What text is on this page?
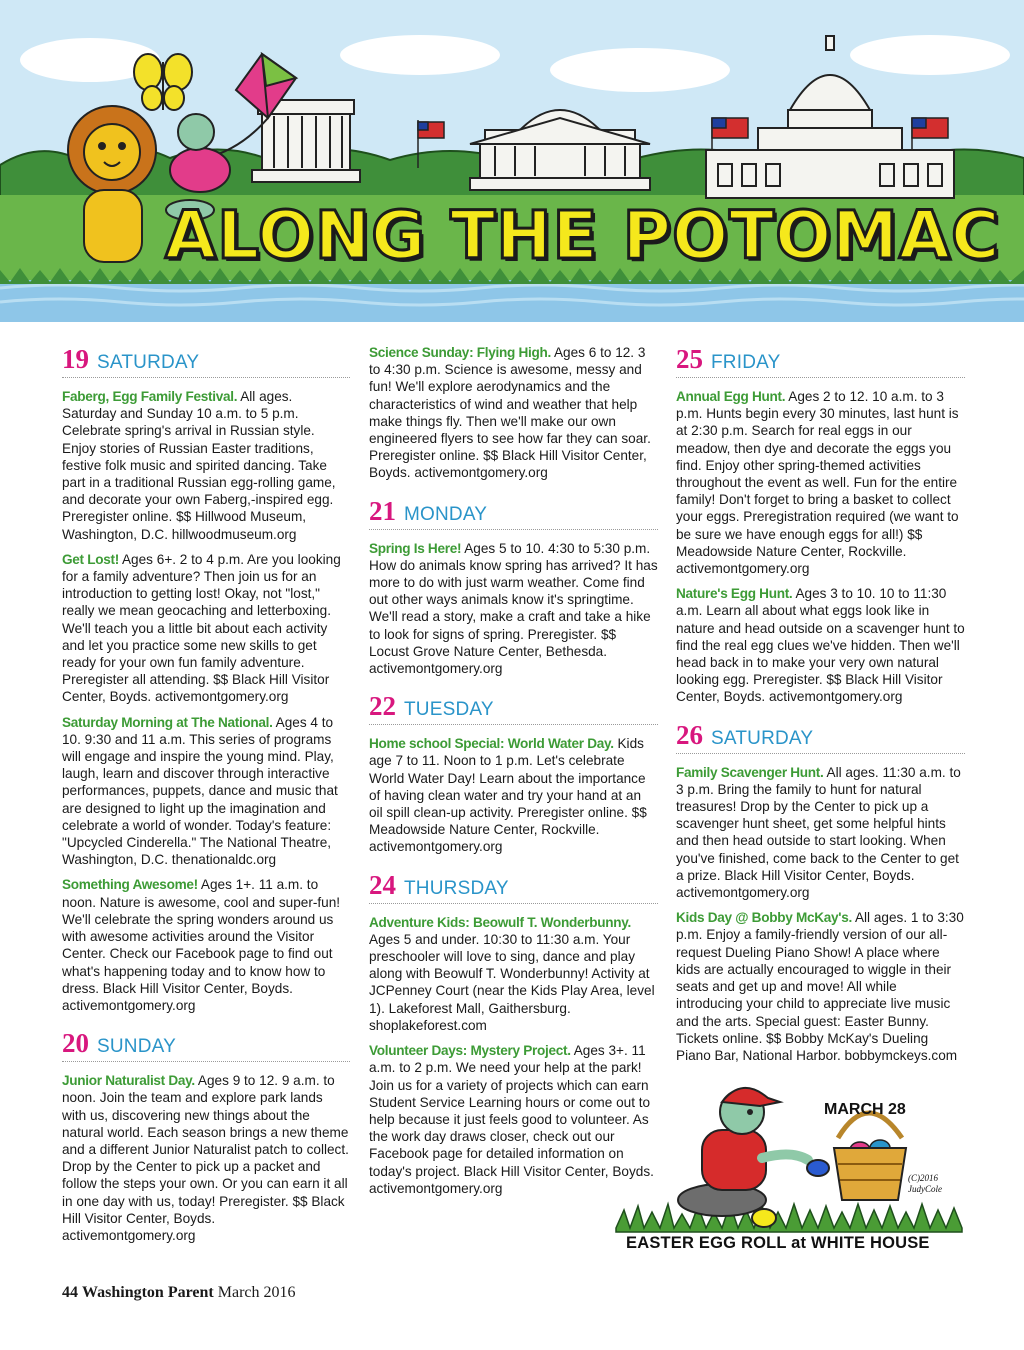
ALONG THE POTOMAC
19 SATURDAY

Faberg, Egg Family Festival. All ages. Saturday and Sunday 10 a.m. to 5 p.m. Celebrate spring's arrival in Russian style. Enjoy stories of Russian Easter traditions, festive folk music and spirited dancing. Take part in a traditional Russian egg-rolling game, and decorate your own Faberg,-inspired egg. Preregister online. $$ Hillwood Museum, Washington, D.C. hillwoodmuseum.org

Get Lost! Ages 6+. 2 to 4 p.m. Are you looking for a family adventure? Then join us for an introduction to getting lost! Okay, not "lost," really we mean geocaching and letterboxing. We'll teach you a little bit about each activity and let you practice some new skills to get ready for your own fun family adventure. Preregister all attending. $$ Black Hill Visitor Center, Boyds. activemontgomery.org

Saturday Morning at The National. Ages 4 to 10. 9:30 and 11 a.m. This series of programs will engage and inspire the young mind. Play, laugh, learn and discover through interactive performances, puppets, dance and music that are designed to light up the imagination and celebrate a world of wonder. Today's feature: "Upcycled Cinderella." The National Theatre, Washington, D.C. thenationaldc.org

Something Awesome! Ages 1+. 11 a.m. to noon. Nature is awesome, cool and super-fun! We'll celebrate the spring wonders around us with awesome activities around the Visitor Center. Check our Facebook page to find out what's happening today and to know how to dress. Black Hill Visitor Center, Boyds. activemontgomery.org

20 SUNDAY

Junior Naturalist Day. Ages 9 to 12. 9 a.m. to noon. Join the team and explore park lands with us, discovering new things about the natural world. Each season brings a new theme and a different Junior Naturalist patch to collect. Drop by the Center to pick up a packet and follow the steps your own. Or you can earn it all in one day with us, today! Preregister. $$ Black Hill Visitor Center, Boyds. activemontgomery.org

Science Sunday: Flying High. Ages 6 to 12. 3 to 4:30 p.m. Science is awesome, messy and fun! We'll explore aerodynamics and the characteristics of wind and weather that help make things fly. Then we'll make our own engineered flyers to see how far they can soar. Preregister online. $$ Black Hill Visitor Center, Boyds. activemontgomery.org

21 MONDAY

Spring Is Here! Ages 5 to 10. 4:30 to 5:30 p.m. How do animals know spring has arrived? It has more to do with just warm weather. Come find out other ways animals know it's springtime. We'll read a story, make a craft and take a hike to look for signs of spring. Preregister. $$ Locust Grove Nature Center, Bethesda. activemontgomery.org

22 TUESDAY

Home school Special: World Water Day. Kids age 7 to 11. Noon to 1 p.m. Let's celebrate World Water Day! Learn about the importance of having clean water and try your hand at an oil spill clean-up activity. Preregister online. $$ Meadowside Nature Center, Rockville. activemontgomery.org

24 THURSDAY

Adventure Kids: Beowulf T. Wonderbunny. Ages 5 and under. 10:30 to 11:30 a.m. Your preschooler will love to sing, dance and play along with Beowulf T. Wonderbunny! Activity at JCPenney Court (near the Kids Play Area, level 1). Lakeforest Mall, Gaithersburg. shoplakeforest.com

Volunteer Days: Mystery Project. Ages 3+. 11 a.m. to 2 p.m. We need your help at the park! Join us for a variety of projects which can earn Student Service Learning hours or come out to help because it just feels good to volunteer. As the work day draws closer, check out our Facebook page for detailed information on today's project. Black Hill Visitor Center, Boyds. activemontgomery.org

25 FRIDAY

Annual Egg Hunt. Ages 2 to 12. 10 a.m. to 3 p.m. Hunts begin every 30 minutes, last hunt is at 2:30 p.m. Search for real eggs in our meadow, then dye and decorate the eggs you find. Enjoy other spring-themed activities throughout the event as well. Fun for the entire family! Don't forget to bring a basket to collect your eggs. Preregistration required (we want to be sure we have enough eggs for all!) $$ Meadowside Nature Center, Rockville. activemontgomery.org

Nature's Egg Hunt. Ages 3 to 10. 10 to 11:30 a.m. Learn all about what eggs look like in nature and head outside on a scavenger hunt to find the real egg clues we've hidden. Then we'll head back in to make your very own natural looking egg. Preregister. $$ Black Hill Visitor Center, Boyds. activemontgomery.org

26 SATURDAY

Family Scavenger Hunt. All ages. 11:30 a.m. to 3 p.m. Bring the family to hunt for natural treasures! Drop by the Center to pick up a scavenger hunt sheet, get some helpful hints and then head outside to start looking. When you've finished, come back to the Center to get a prize. Black Hill Visitor Center, Boyds. activemontgomery.org

Kids Day @ Bobby McKay's. All ages. 1 to 3:30 p.m. Enjoy a family-friendly version of our all-request Dueling Piano Show! A place where kids are actually encouraged to wiggle in their seats and get up and move! All while introducing your child to appreciate live music and the arts. Special guest: Easter Bunny. Tickets online. $$ Bobby McKay's Dueling Piano Bar, National Harbor. bobbymckeys.com

MARCH 28
(C)2016 JudyCole
EASTER EGG ROLL at WHITE HOUSE
44 Washington Parent March 2016
